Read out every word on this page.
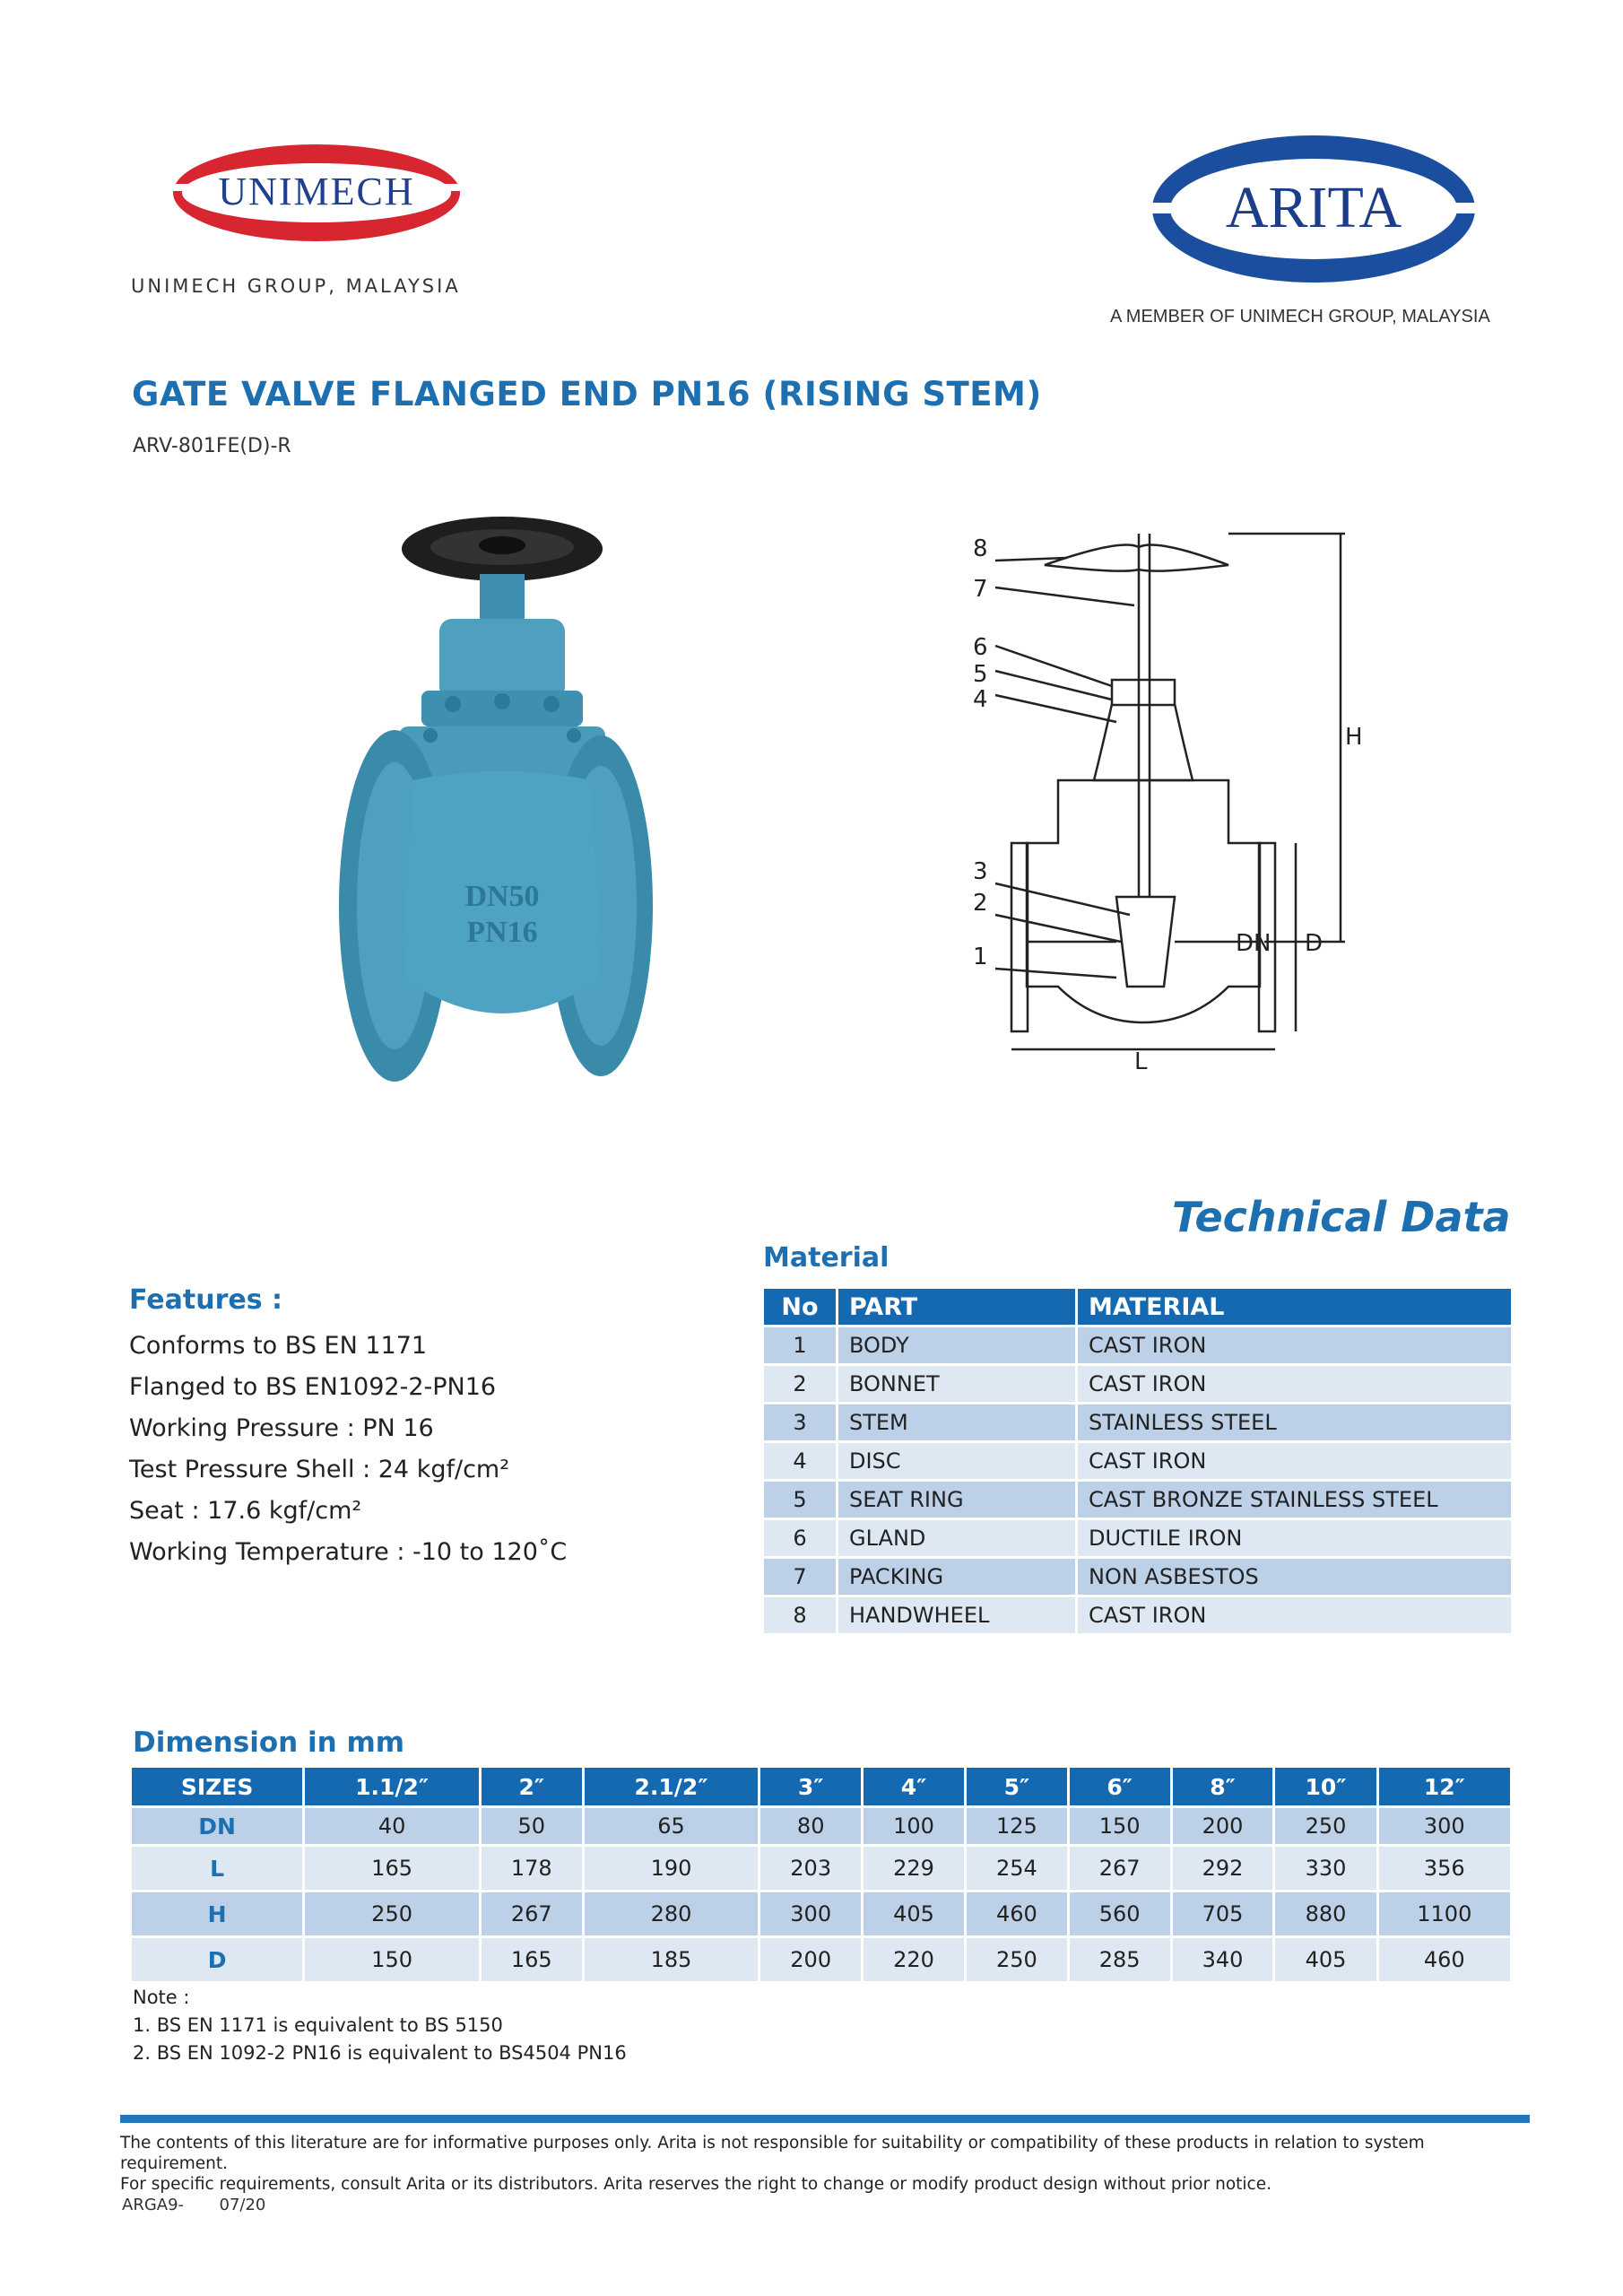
UNIMECH
UNIMECH GROUP, MALAYSIA
ARITA
A MEMBER OF UNIMECH GROUP, MALAYSIA
GATE VALVE FLANGED END PN16 (RISING STEM)
ARV-801FE(D)-R
DN50
PN16
8
7
6
5
4
3
2
1
H
DN D
L
Technical Data
Material
Features :
Conforms to BS EN 1171
Flanged to BS EN1092-2-PN16
Working Pressure : PN 16
Test Pressure Shell : 24 kgf/cm²
Seat : 17.6 kgf/cm²
Working Temperature : -10 to 120˚C
No	PART	MATERIAL
1	BODY	CAST IRON
2	BONNET	CAST IRON
3	STEM	STAINLESS STEEL
4	DISC	CAST IRON
5	SEAT RING	CAST BRONZE STAINLESS STEEL
6	GLAND	DUCTILE IRON
7	PACKING	NON ASBESTOS
8	HANDWHEEL	CAST IRON
Dimension in mm
SIZES	1.1/2″	2″	2.1/2″	3″	4″	5″	6″	8″	10″	12″
DN	40	50	65	80	100	125	150	200	250	300
L	165	178	190	203	229	254	267	292	330	356
H	250	267	280	300	405	460	560	705	880	1100
D	150	165	185	200	220	250	285	340	405	460
Note :
1. BS EN 1171 is equivalent to BS 5150
2. BS EN 1092-2 PN16 is equivalent to BS4504 PN16
The contents of this literature are for informative purposes only. Arita is not responsible for suitability or compatibility of these products in relation to system requirement.
For specific requirements, consult Arita or its distributors. Arita reserves the right to change or modify product design without prior notice.
ARGA9- 07/20
